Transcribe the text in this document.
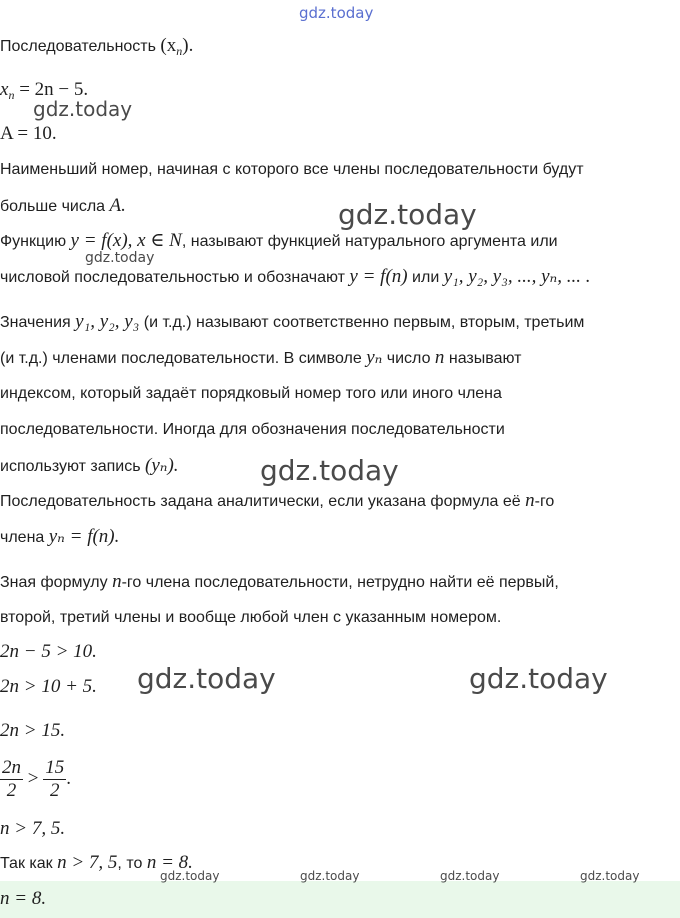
gdz.today
Последовательность $(x_n)$.
$x_n = 2n - 5$.
A = 10.
Наименьший номер, начиная с которого все члены последовательности будут
больше числа A.
Функцию y = f(x), x ∈ N, называют функцией натурального аргумента или
числовой последовательностью и обозначают y = f(n) или y₁, y₂, y₃, ..., yₙ, ... .
Значения y₁, y₂, y₃ (и т.д.) называют соответственно первым, вторым, третьим
(и т.д.) членами последовательности. В символе yₙ число n называют
индексом, который задаёт порядковый номер того или иного члена
последовательности. Иногда для обозначения последовательности
используют запись (yₙ).
Последовательность задана аналитически, если указана формула её n-го
члена yₙ = f(n).
Зная формулу n-го члена последовательности, нетрудно найти её первый,
второй, третий члены и вообще любой член с указанным номером.
2n − 5 > 10.
2n > 10 + 5.
2n > 15.
$\frac{2n}{2} > \frac{15}{2}$ .
n > 7, 5.
Так как n > 7, 5, то n = 8.
n = 8.
gdz.today
gdz.today
gdz.today
gdz.today
gdz.today	gdz.today
gdz.today	gdz.today	gdz.today	gdz.today
